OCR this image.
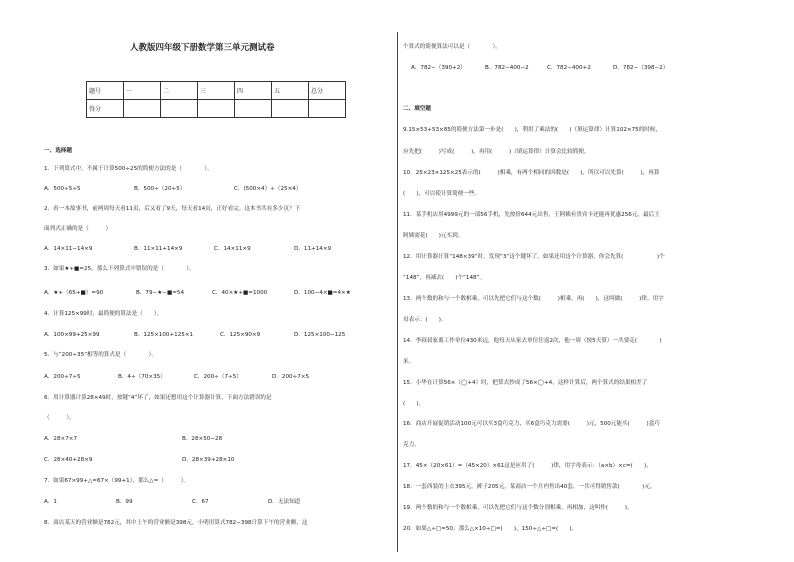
人教版四年级下册数学第三单元测试卷
题号	一	二	三	四	五	总分
得分						
一、选择题
1．下列算式中，不属于计算500÷25的简便方法的是（　　　　）。
A．500÷5÷5	B．500÷（20+5）	C．(500×4）÷（25×4）
2．看一本故事书，前两周每天看11页，后又看了9天，每天看14页，正好看完。这本书共有多少页？下
面列式正确的是（　　　）
A．14×11−14×9	B．11×11+14×9	C．14×11×9	D．11+14×9
3．如果★+■=25，那么下列算式中错误的是（　　　　）。
A．★+（65+■）=90	B．79−★−■=54	C．40×★+■=1000	D．100−4×■=4×★
4．计算125×99时，最简便的算法是（　　）。
A．100×99+25×99	B．125×100+125×1	C．125×90×9	D．125×100−125
5．与“200÷35”相等的算式是（　　　　）。
A．200÷7÷5	B．4÷（70×35）	C．200÷（7÷5）	D．200÷7×5
6．用计算器计算28×49时，按键“4”坏了，如果还想用这个计算器计算，下面方法错误的是
（　　　）。
A．28×7×7	B．28×50−28
C．28×40+28×9	D．28×39+28×10
7．如果67×99+△=67×（99+1），那么△=（　　　）。
A．1	B．99	C．67	D．无法知道
8．商店某天的营业额是782元，其中上午的营业额是398元，小明用算式782−398计算下午的营业额，这
个算式的简便算法可以是（　　　　）。
A．782−（390+2）	B．782−400−2	C．782−400+2	D．782−（398−2）
二、填空题
9.15×53+53×85的简便方法第一步是(　　)，利用了乘法的(　　)（填运算律）计算102×75的时候，
应先把(　　　)写成(　　　)，再用(　　　)（填运算律）计算会比较简便。
10．25×23×125×25表示的(　　　)相乘，有两个相同的因数是(　　)，所以可以先算(　　　)，再算
(　　)，可以使计算简便一些。
11．某手机店用4999元的一部56手机，先按价644元出售，王阿姨有贵宾卡还能再优惠256元，最后王
阿姨需花(　　)元买到。
12．用计算器计算“148×39”时，发现“3”这个键坏了。如果还用这个计算器，你会先算(　　　　　　)个
“148”，再减去(　　)个“148”。
13．两个数的和与一个数相乘，可以先把它们与这个数(　　　)相乘，再(　　)，这叫做(　　　)律。用字
母表示：(　　)。
14．李叔叔家离工作单位430米远，他每天从家去单位往返2次，他一周（按5天算）一共要走(　　　　)
米。
15．小华在计算56×（◯+4）时，把算式抄成了56×◯+4，这样计算后，两个算式的结果相差了
(　　)。
16．商店开展促销活动100元可以买3盒巧克力，买6盒巧克力需要(　　　)元，500元能买(　　　)盒巧
克力。
17．45×（20×61）=（45×20）×61这是应用了(　　　)律，用字母表示：（a×b）×c=(　　)。
18．一套西装的上衣395元，裤子205元，某商店一个月内售出40套，一共可得销售款(　　　　)元。
19．两个数的和与一个数相乘，可以先把它们与这个数分别相乘，再相加，这叫作(　　　)。
20．如果△÷□=50，那么△×10÷□=(　　)，150÷△÷□=(　　)。
